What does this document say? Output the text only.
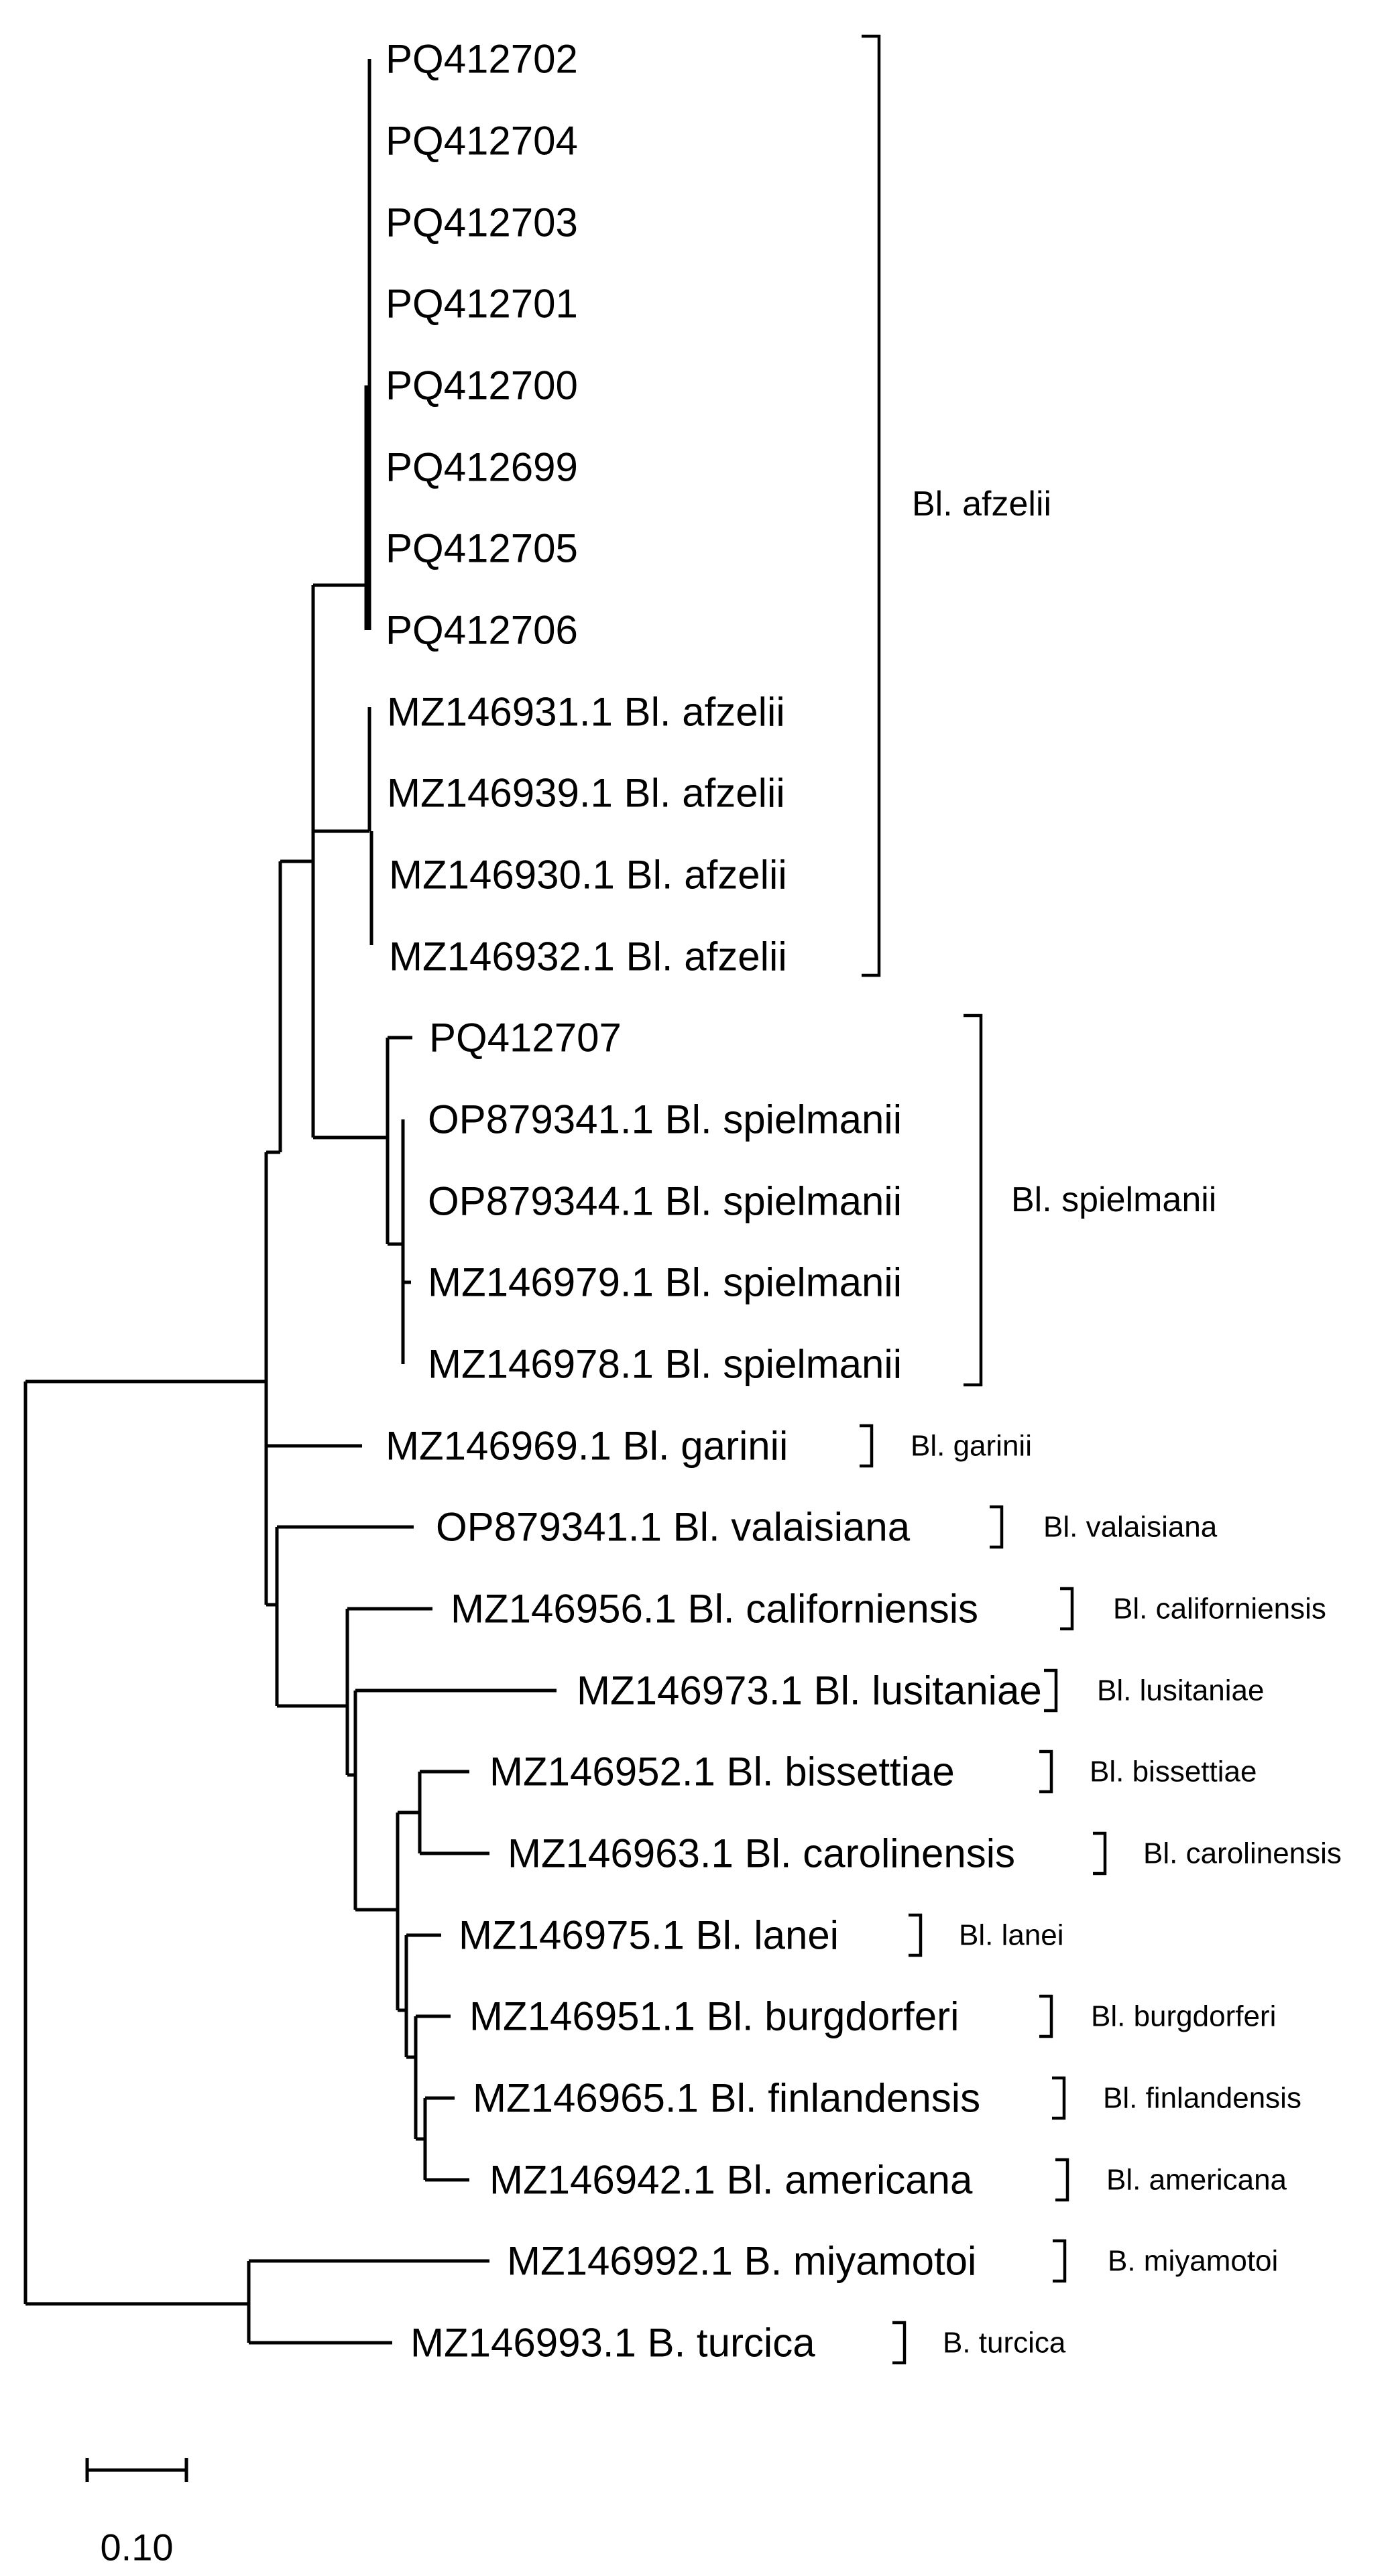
PQ412702
PQ412704
PQ412703
PQ412701
PQ412700
PQ412699
PQ412705
PQ412706
MZ146931.1 Bl. afzelii
MZ146939.1 Bl. afzelii
MZ146930.1 Bl. afzelii
MZ146932.1 Bl. afzelii
PQ412707
OP879341.1 Bl. spielmanii
OP879344.1 Bl. spielmanii
MZ146979.1 Bl. spielmanii
MZ146978.1 Bl. spielmanii
MZ146969.1 Bl. garinii
OP879341.1 Bl. valaisiana
MZ146956.1 Bl. californiensis
MZ146973.1 Bl. lusitaniae
MZ146952.1 Bl. bissettiae
MZ146963.1 Bl. carolinensis
MZ146975.1 Bl. lanei
MZ146951.1 Bl. burgdorferi
MZ146965.1 Bl. finlandensis
MZ146942.1 Bl. americana
MZ146992.1 B. miyamotoi
MZ146993.1 B. turcica
Bl. afzelii
Bl. spielmanii
Bl. garinii
Bl. valaisiana
Bl. californiensis
Bl. lusitaniae
Bl. bissettiae
Bl. carolinensis
Bl. lanei
Bl. burgdorferi
Bl. finlandensis
Bl. americana
B. miyamotoi
B. turcica
0.10
